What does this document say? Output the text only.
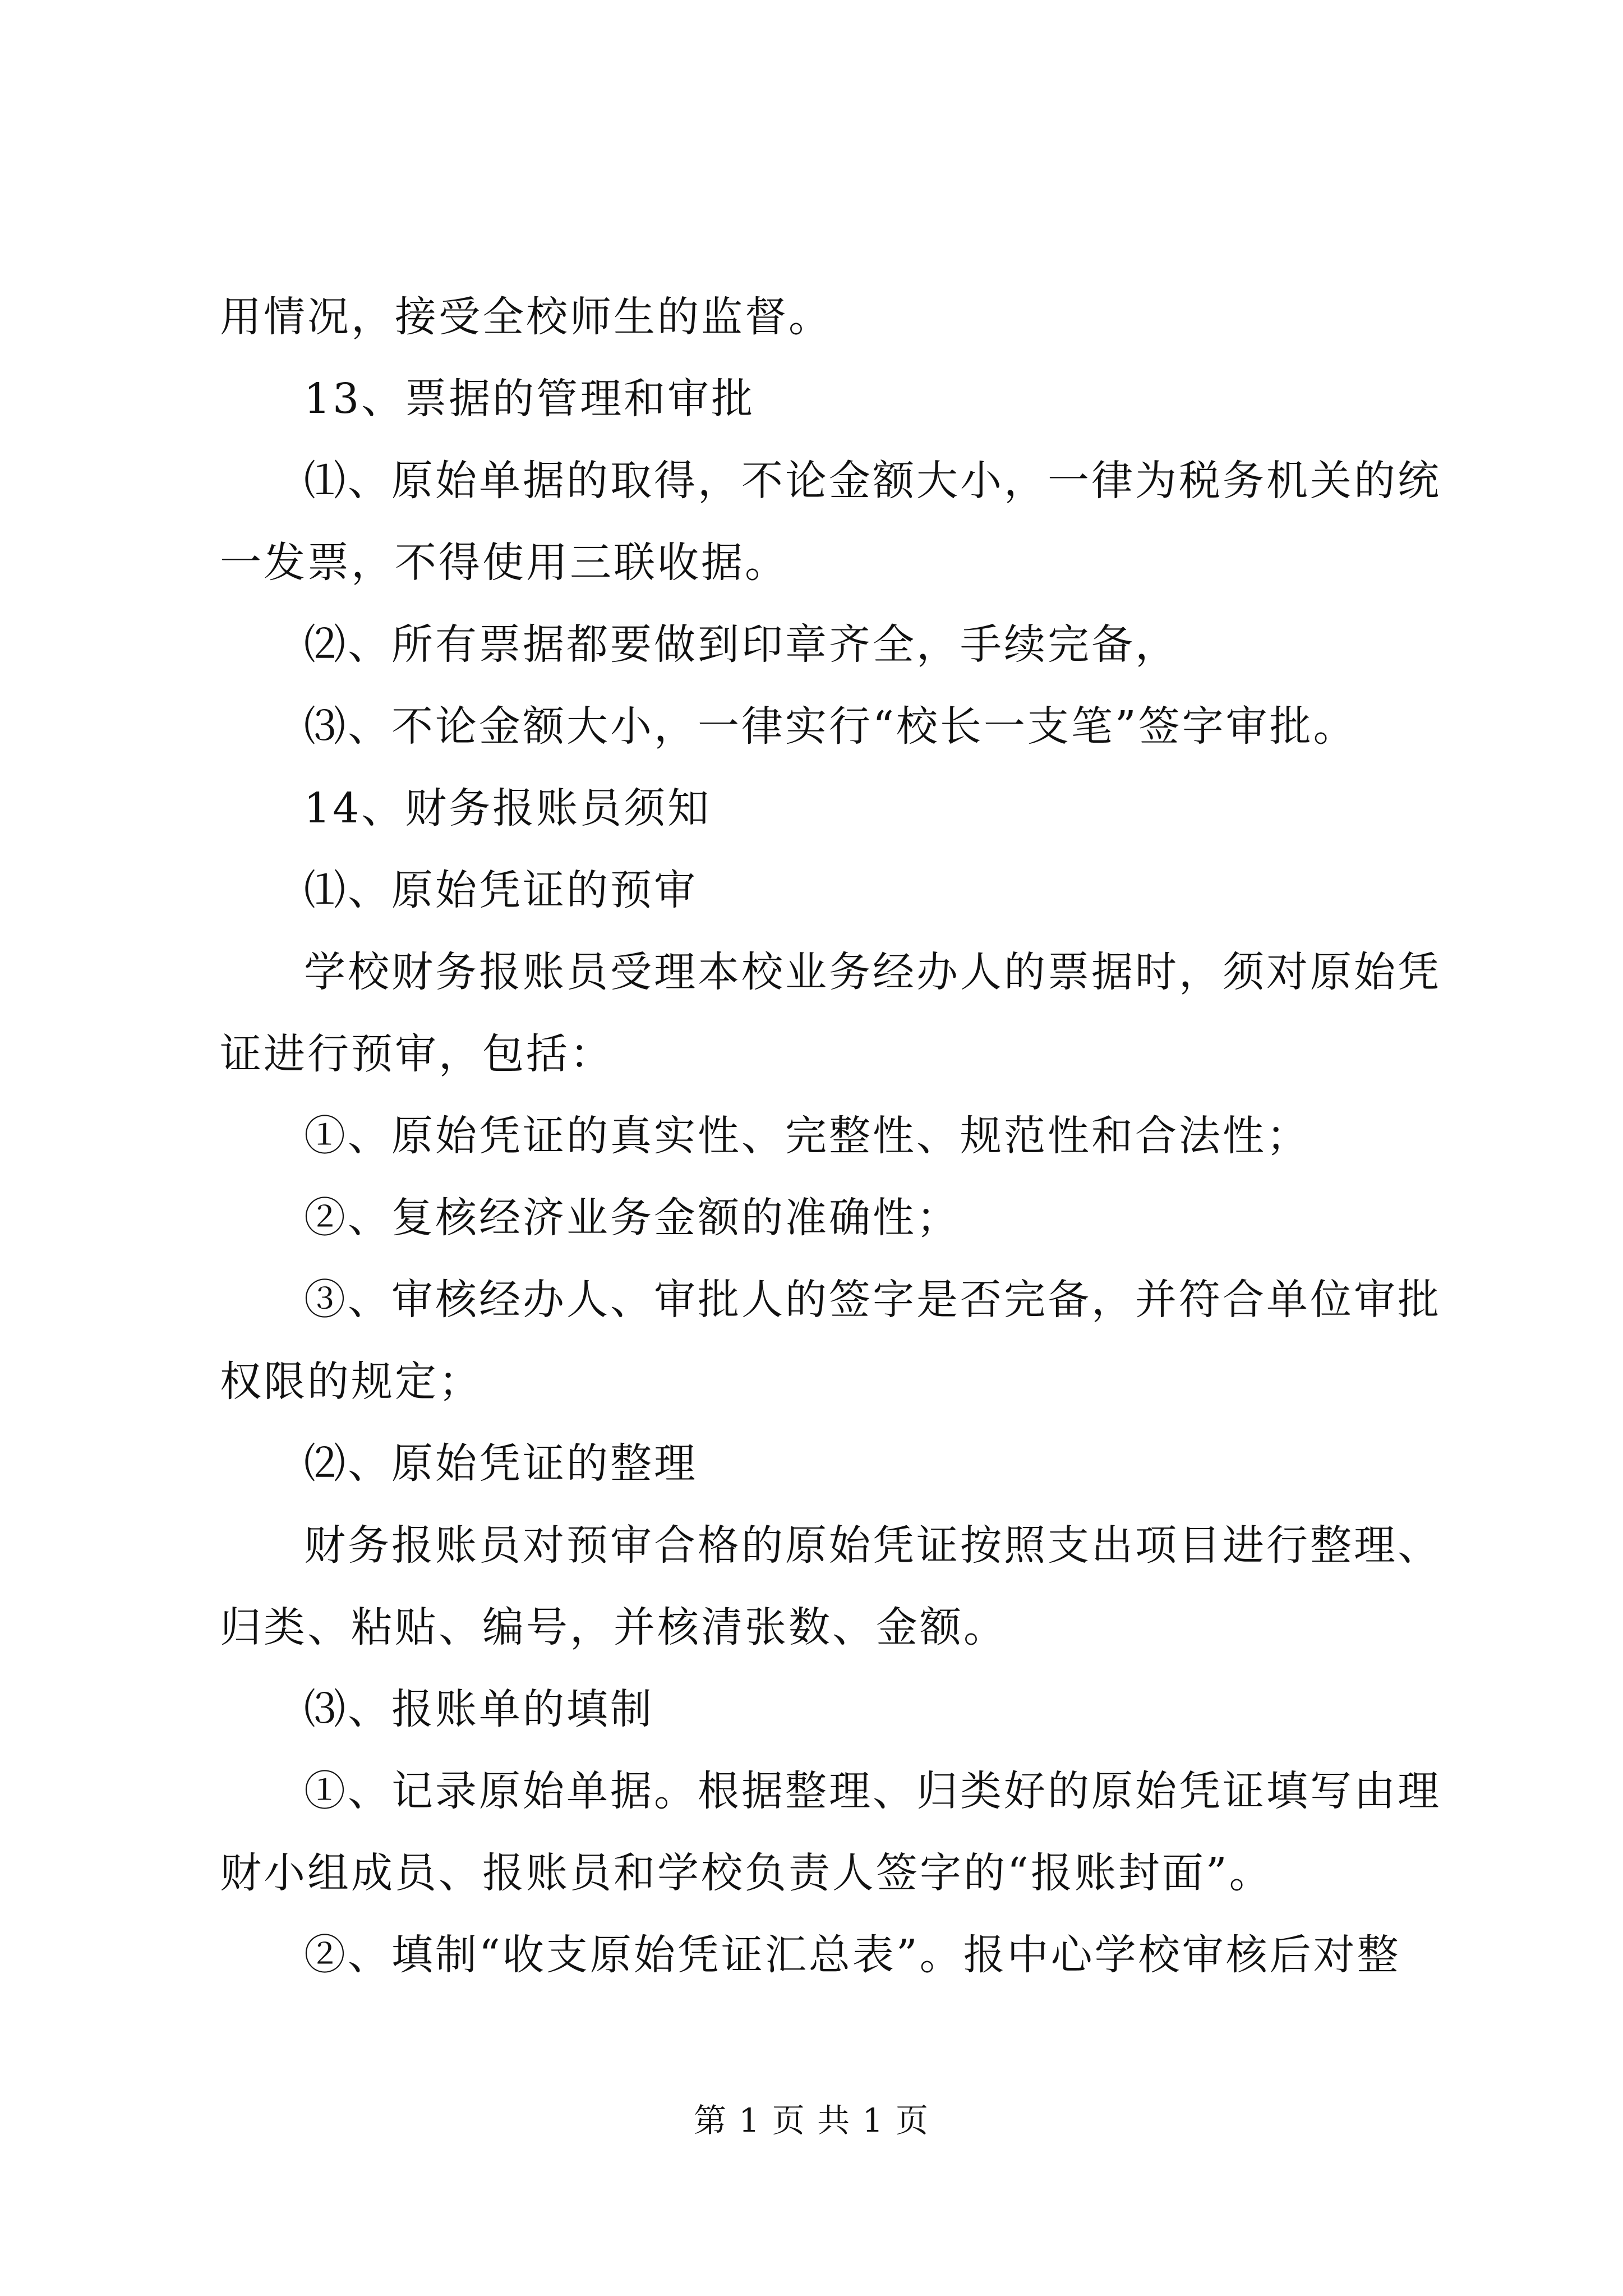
用情况，接受全校师生的监督。
13、票据的管理和审批
⑴、原始单据的取得，不论金额大小，一律为税务机关的统
一发票，不得使用三联收据。
⑵、所有票据都要做到印章齐全，手续完备，
⑶、不论金额大小，一律实行“校长一支笔”签字审批。
14、财务报账员须知
⑴、原始凭证的预审
学校财务报账员受理本校业务经办人的票据时，须对原始凭
证进行预审，包括：
①、原始凭证的真实性、完整性、规范性和合法性；
②、复核经济业务金额的准确性；
③、审核经办人、审批人的签字是否完备，并符合单位审批
权限的规定；
⑵、原始凭证的整理
财务报账员对预审合格的原始凭证按照支出项目进行整理、
归类、粘贴、编号，并核清张数、金额。
⑶、报账单的填制
①、记录原始单据。根据整理、归类好的原始凭证填写由理
财小组成员、报账员和学校负责人签字的“报账封面”。
②、填制“收支原始凭证汇总表”。报中心学校审核后对整
第 1 页 共 1 页
